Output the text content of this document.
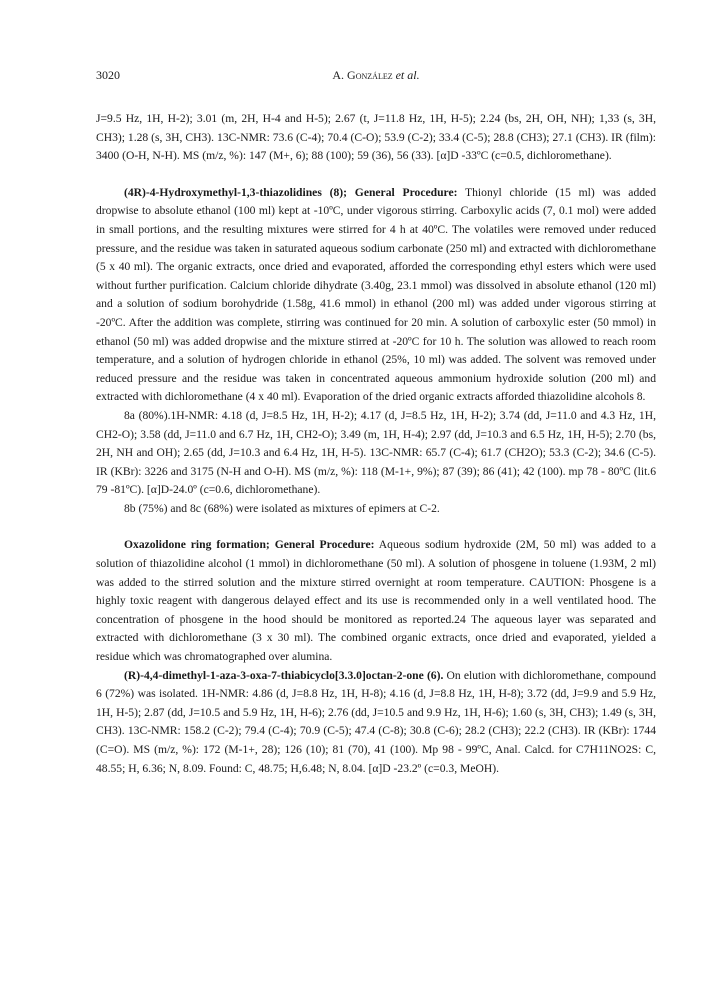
3020	A. González et al.

J=9.5 Hz, 1H, H-2); 3.01 (m, 2H, H-4 and H-5); 2.67 (t, J=11.8 Hz, 1H, H-5); 2.24 (bs, 2H, OH, NH); 1,33 (s, 3H, CH3); 1.28 (s, 3H, CH3). 13C-NMR: 73.6 (C-4); 70.4 (C-O); 53.9 (C-2); 33.4 (C-5); 28.8 (CH3); 27.1 (CH3). IR (film): 3400 (O-H, N-H). MS (m/z, %): 147 (M+, 6); 88 (100); 59 (36), 56 (33). [α]D -33ºC (c=0.5, dichloromethane).

(4R)-4-Hydroxymethyl-1,3-thiazolidines (8); General Procedure: Thionyl chloride (15 ml) was added dropwise to absolute ethanol (100 ml) kept at -10ºC, under vigorous stirring. Carboxylic acids (7, 0.1 mol) were added in small portions, and the resulting mixtures were stirred for 4 h at 40ºC. The volatiles were removed under reduced pressure, and the residue was taken in saturated aqueous sodium carbonate (250 ml) and extracted with dichloromethane (5 x 40 ml). The organic extracts, once dried and evaporated, afforded the corresponding ethyl esters which were used without further purification. Calcium chloride dihydrate (3.40g, 23.1 mmol) was dissolved in absolute ethanol (120 ml) and a solution of sodium borohydride (1.58g, 41.6 mmol) in ethanol (200 ml) was added under vigorous stirring at -20ºC. After the addition was complete, stirring was continued for 20 min. A solution of carboxylic ester (50 mmol) in ethanol (50 ml) was added dropwise and the mixture stirred at -20ºC for 10 h. The solution was allowed to reach room temperature, and a solution of hydrogen chloride in ethanol (25%, 10 ml) was added. The solvent was removed under reduced pressure and the residue was taken in concentrated aqueous ammonium hydroxide solution (200 ml) and extracted with dichloromethane (4 x 40 ml). Evaporation of the dried organic extracts afforded thiazolidine alcohols 8.

8a (80%).1H-NMR: 4.18 (d, J=8.5 Hz, 1H, H-2); 4.17 (d, J=8.5 Hz, 1H, H-2); 3.74 (dd, J=11.0 and 4.3 Hz, 1H, CH2-O); 3.58 (dd, J=11.0 and 6.7 Hz, 1H, CH2-O); 3.49 (m, 1H, H-4); 2.97 (dd, J=10.3 and 6.5 Hz, 1H, H-5); 2.70 (bs, 2H, NH and OH); 2.65 (dd, J=10.3 and 6.4 Hz, 1H, H-5). 13C-NMR: 65.7 (C-4); 61.7 (CH2O); 53.3 (C-2); 34.6 (C-5). IR (KBr): 3226 and 3175 (N-H and O-H). MS (m/z, %): 118 (M-1+, 9%); 87 (39); 86 (41); 42 (100). mp 78 - 80ºC (lit.6 79 -81ºC). [α]D-24.0º (c=0.6, dichloromethane).

8b (75%) and 8c (68%) were isolated as mixtures of epimers at C-2.

Oxazolidone ring formation; General Procedure: Aqueous sodium hydroxide (2M, 50 ml) was added to a solution of thiazolidine alcohol (1 mmol) in dichloromethane (50 ml). A solution of phosgene in toluene (1.93M, 2 ml) was added to the stirred solution and the mixture stirred overnight at room temperature. CAUTION: Phosgene is a highly toxic reagent with dangerous delayed effect and its use is recommended only in a well ventilated hood. The concentration of phosgene in the hood should be monitored as reported.24 The aqueous layer was separated and extracted with dichloromethane (3 x 30 ml). The combined organic extracts, once dried and evaporated, yielded a residue which was chromatographed over alumina.

(R)-4,4-dimethyl-1-aza-3-oxa-7-thiabicyclo[3.3.0]octan-2-one (6). On elution with dichloromethane, compound 6 (72%) was isolated. 1H-NMR: 4.86 (d, J=8.8 Hz, 1H, H-8); 4.16 (d, J=8.8 Hz, 1H, H-8); 3.72 (dd, J=9.9 and 5.9 Hz, 1H, H-5); 2.87 (dd, J=10.5 and 5.9 Hz, 1H, H-6); 2.76 (dd, J=10.5 and 9.9 Hz, 1H, H-6); 1.60 (s, 3H, CH3); 1.49 (s, 3H, CH3). 13C-NMR: 158.2 (C-2); 79.4 (C-4); 70.9 (C-5); 47.4 (C-8); 30.8 (C-6); 28.2 (CH3); 22.2 (CH3). IR (KBr): 1744 (C=O). MS (m/z, %): 172 (M-1+, 28); 126 (10); 81 (70), 41 (100). Mp 98 - 99ºC, Anal. Calcd. for C7H11NO2S: C, 48.55; H, 6.36; N, 8.09. Found: C, 48.75; H,6.48; N, 8.04. [α]D -23.2º (c=0.3, MeOH).
